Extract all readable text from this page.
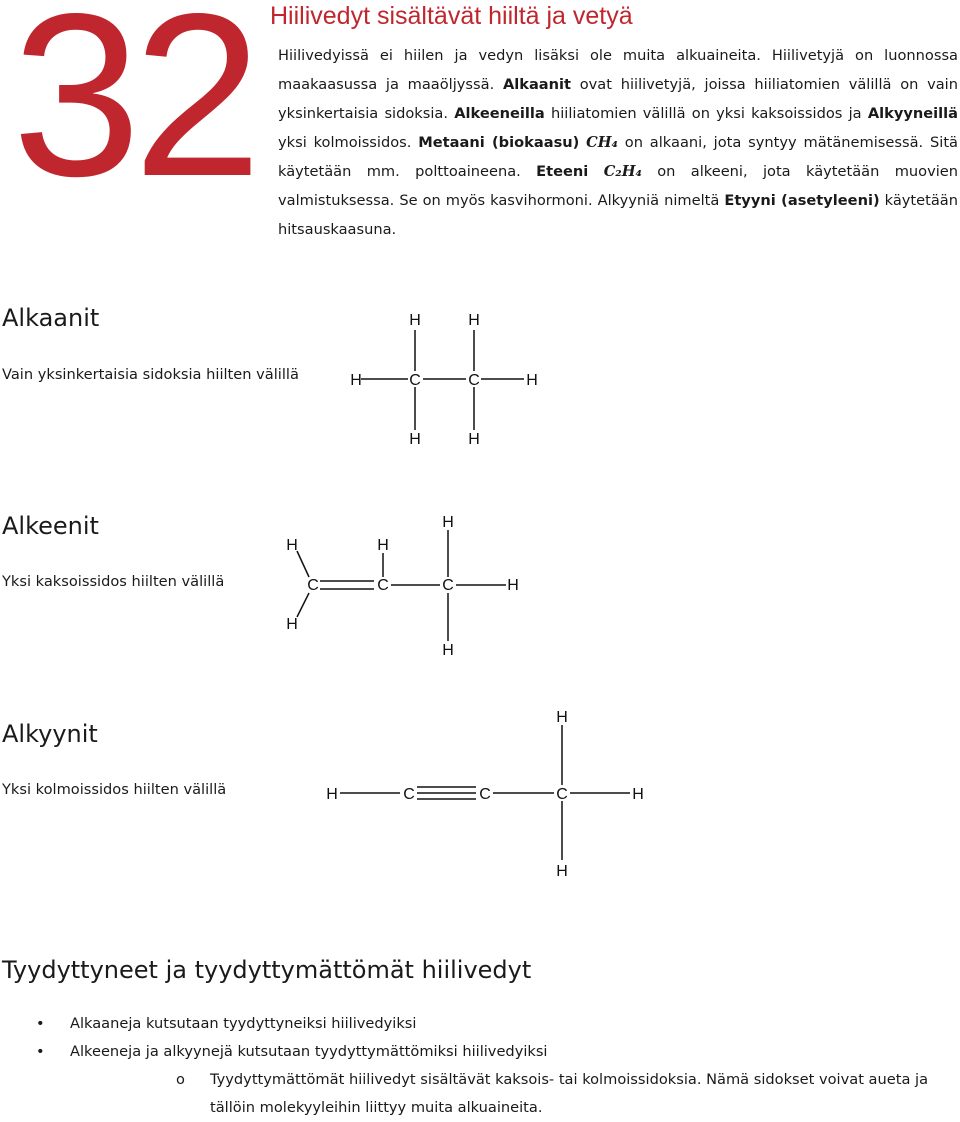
32 Hiilivedyt sisältävät hiiltä ja vetyä

Hiilivedyissä ei hiilen ja vedyn lisäksi ole muita alkuaineita. Hiilivetyjä on luonnossa maakaasussa ja maaöljyssä. Alkaanit ovat hiilivetyjä, joissa hiiliatomien välillä on vain yksinkertaisia sidoksia. Alkeeneilla hiiliatomien välillä on yksi kaksoissidos ja Alkyyneillä yksi kolmoissidos. Metaani (biokaasu) CH₄ on alkaani, jota syntyy mätänemisessä. Sitä käytetään mm. polttoaineena. Eteeni C₂H₄ on alkeeni, jota käytetään muovien valmistuksessa. Se on myös kasvihormoni. Alkyyniä nimeltä Etyyni (asetyleeni) käytetään hitsauskaasuna.

Alkaanit

Vain yksinkertaisia sidoksia hiilten välillä

Alkeenit

Yksi kaksoissidos hiilten välillä

Alkyynit

Yksi kolmoissidos hiilten välillä

H	H
H	C	C	H
H	H
H	H
H
C	C	C	H
H
H
H
H	C	C	C	H
H
Tyydyttyneet ja tyydyttymättömät hiilivedyt
• Alkaaneja kutsutaan tyydyttyneiksi hiilivedyiksi
• Alkeeneja ja alkyynejä kutsutaan tyydyttymättömiksi hiilivedyiksi
o Tyydyttymättömät hiilivedyt sisältävät kaksois- tai kolmoissidoksia. Nämä sidokset voivat aueta ja tällöin molekyyleihin liittyy muita alkuaineita.
